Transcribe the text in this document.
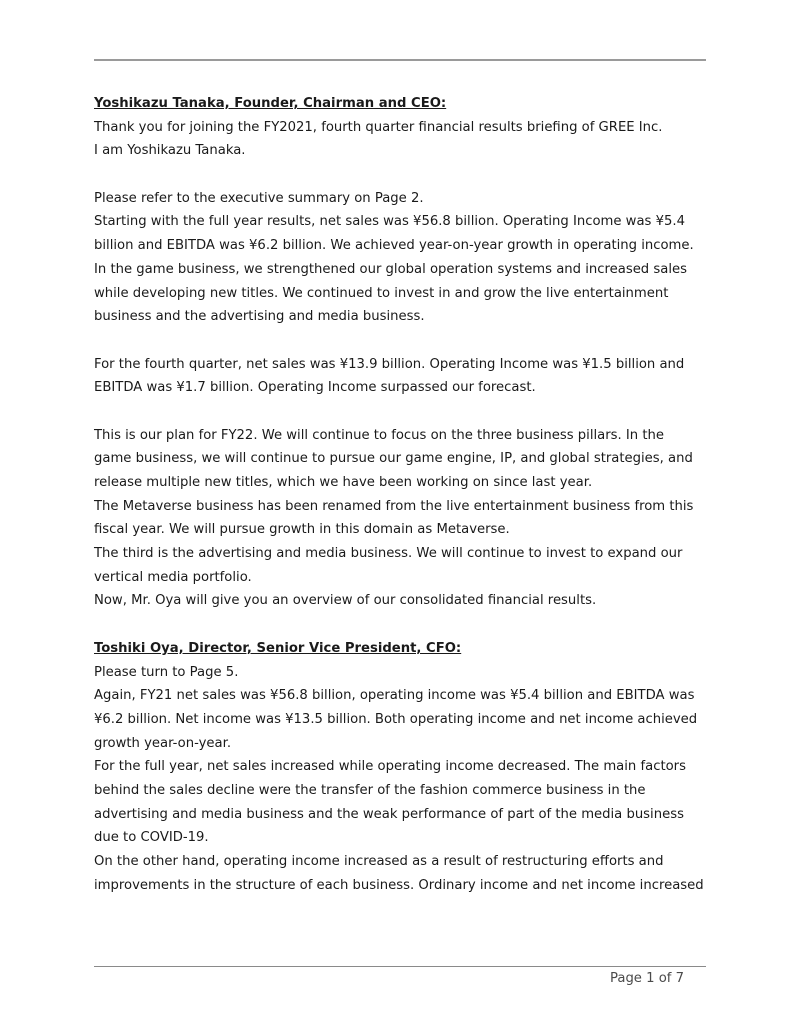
Yoshikazu Tanaka, Founder, Chairman and CEO:
Thank you for joining the FY2021, fourth quarter financial results briefing of GREE Inc.
I am Yoshikazu Tanaka.
Please refer to the executive summary on Page 2.
Starting with the full year results, net sales was ¥56.8 billion. Operating Income was ¥5.4
billion and EBITDA was ¥6.2 billion. We achieved year-on-year growth in operating income.
In the game business, we strengthened our global operation systems and increased sales
while developing new titles. We continued to invest in and grow the live entertainment
business and the advertising and media business.
For the fourth quarter, net sales was ¥13.9 billion. Operating Income was ¥1.5 billion and
EBITDA was ¥1.7 billion. Operating Income surpassed our forecast.
This is our plan for FY22. We will continue to focus on the three business pillars. In the
game business, we will continue to pursue our game engine, IP, and global strategies, and
release multiple new titles, which we have been working on since last year.
The Metaverse business has been renamed from the live entertainment business from this
fiscal year. We will pursue growth in this domain as Metaverse.
The third is the advertising and media business. We will continue to invest to expand our
vertical media portfolio.
Now, Mr. Oya will give you an overview of our consolidated financial results.
Toshiki Oya, Director, Senior Vice President, CFO:
Please turn to Page 5.
Again, FY21 net sales was ¥56.8 billion, operating income was ¥5.4 billion and EBITDA was
¥6.2 billion. Net income was ¥13.5 billion. Both operating income and net income achieved
growth year-on-year.
For the full year, net sales increased while operating income decreased. The main factors
behind the sales decline were the transfer of the fashion commerce business in the
advertising and media business and the weak performance of part of the media business
due to COVID-19.
On the other hand, operating income increased as a result of restructuring efforts and
improvements in the structure of each business. Ordinary income and net income increased
Page 1 of 7
